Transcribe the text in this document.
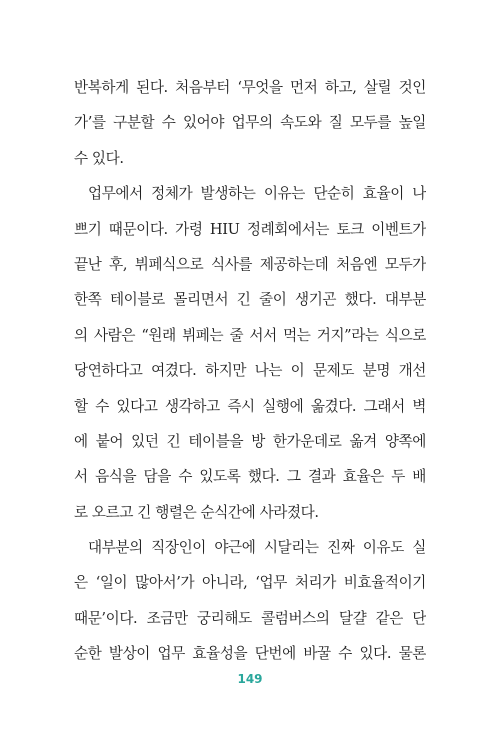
반복하게 된다. 처음부터 ‘무엇을 먼저 하고, 살릴 것인
가’를 구분할 수 있어야 업무의 속도와 질 모두를 높일
수 있다.
업무에서 정체가 발생하는 이유는 단순히 효율이 나
쁘기 때문이다. 가령 HIU 정례회에서는 토크 이벤트가
끝난 후, 뷔페식으로 식사를 제공하는데 처음엔 모두가
한쪽 테이블로 몰리면서 긴 줄이 생기곤 했다. 대부분
의 사람은 “원래 뷔페는 줄 서서 먹는 거지”라는 식으로
당연하다고 여겼다. 하지만 나는 이 문제도 분명 개선
할 수 있다고 생각하고 즉시 실행에 옮겼다. 그래서 벽
에 붙어 있던 긴 테이블을 방 한가운데로 옮겨 양쪽에
서 음식을 담을 수 있도록 했다. 그 결과 효율은 두 배
로 오르고 긴 행렬은 순식간에 사라졌다.
대부분의 직장인이 야근에 시달리는 진짜 이유도 실
은 ‘일이 많아서’가 아니라, ‘업무 처리가 비효율적이기
때문’이다. 조금만 궁리해도 콜럼버스의 달걀 같은 단
순한 발상이 업무 효율성을 단번에 바꿀 수 있다. 물론
149
